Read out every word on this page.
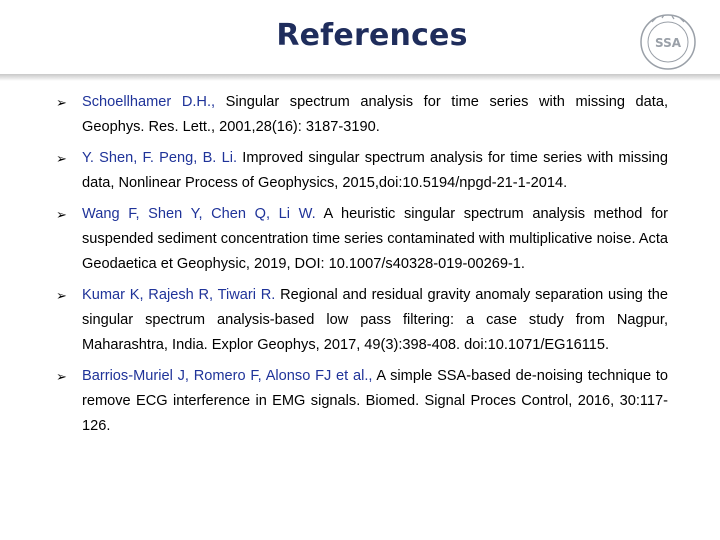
References	SSA
➢ Schoellhamer D.H., Singular spectrum analysis for time series with missing data, Geophys. Res. Lett., 2001,28(16): 3187-3190.
➢ Y. Shen, F. Peng, B. Li. Improved singular spectrum analysis for time series with missing data, Nonlinear Process of Geophysics, 2015,doi:10.5194/npgd-21-1-2014.
➢ Wang F, Shen Y, Chen Q, Li W. A heuristic singular spectrum analysis method for suspended sediment concentration time series contaminated with multiplicative noise. Acta Geodaetica et Geophysic, 2019, DOI: 10.1007/s40328-019-00269-1.
➢ Kumar K, Rajesh R, Tiwari R. Regional and residual gravity anomaly separation using the singular spectrum analysis-based low pass filtering: a case study from Nagpur, Maharashtra, India. Explor Geophys, 2017, 49(3):398-408. doi:10.1071/EG16115.
➢ Barrios-Muriel J, Romero F, Alonso FJ et al., A simple SSA-based de-noising technique to remove ECG interference in EMG signals. Biomed. Signal Proces Control, 2016, 30:117-126.
